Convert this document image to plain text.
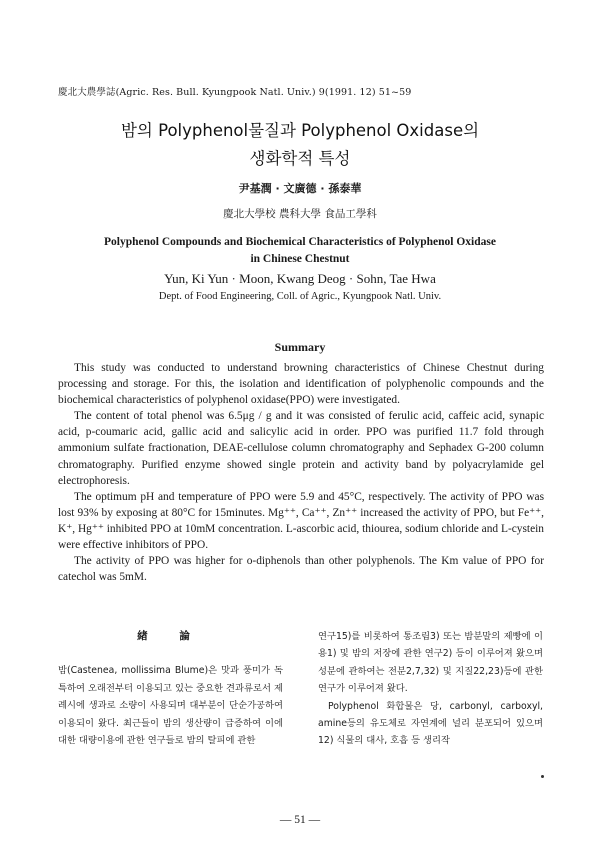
慶北大農學誌(Agric. Res. Bull. Kyungpook Natl. Univ.) 9(1991. 12) 51~59
밤의 Polyphenol물질과 Polyphenol Oxidase의
생화학적 특성
尹基潤 · 文廣德 · 孫泰華
慶北大學校 農科大學 食品工學科
Polyphenol Compounds and Biochemical Characteristics of Polyphenol Oxidase
in Chinese Chestnut
Yun, Ki Yun · Moon, Kwang Deog · Sohn, Tae Hwa
Dept. of Food Engineering, Coll. of Agric., Kyungpook Natl. Univ.
Summary

This study was conducted to understand browning characteristics of Chinese Chestnut during processing and storage. For this, the isolation and identification of polyphenolic compounds and the biochemical characteristics of polyphenol oxidase(PPO) were investigated.

The content of total phenol was 6.5μg / g and it was consisted of ferulic acid, caffeic acid, synapic acid, p-coumaric acid, gallic acid and salicylic acid in order. PPO was purified 11.7 fold through ammonium sulfate fractionation, DEAE-cellulose column chromatography and Sephadex G-200 column chromatography. Purified enzyme showed single protein and activity band by polyacrylamide gel electrophoresis.

The optimum pH and temperature of PPO were 5.9 and 45°C, respectively. The activity of PPO was lost 93% by exposing at 80°C for 15minutes. Mg⁺⁺, Ca⁺⁺, Zn⁺⁺ increased the activity of PPO, but Fe⁺⁺, K⁺, Hg⁺⁺ inhibited PPO at 10mM concentration. L-ascorbic acid, thiourea, sodium chloride and L-cystein were effective inhibitors of PPO.

The activity of PPO was higher for o-diphenols than other polyphenols. The Km value of PPO for catechol was 5mM.

緖 論

밤(Castenea, mollissima Blume)은 맛과 풍미가 독특하여 오래전부터 이용되고 있는 중요한 견과류로서 제례시에 생과로 소량이 사용되며 대부분이 단순가공하여 이용되이 왔다. 최근들이 밤의 생산량이 급증하여 이에 대한 대량이용에 관한 연구들로 밤의 탈피에 관한

연구15)를 비롯하여 통조림3) 또는 밤분말의 제빵에 이용1) 및 밤의 저장에 관한 연구2) 등이 이루어져 왔으며 성분에 관하여는 전분2,7,32) 및 지질22,23)등에 관한 연구가 이루어져 왔다.

Polyphenol 화합물은 당, carbonyl, carboxyl, amine등의 유도체로 자연계에 널리 분포되어 있으며12) 식물의 대사, 호흡 등 생리작

— 51 —
